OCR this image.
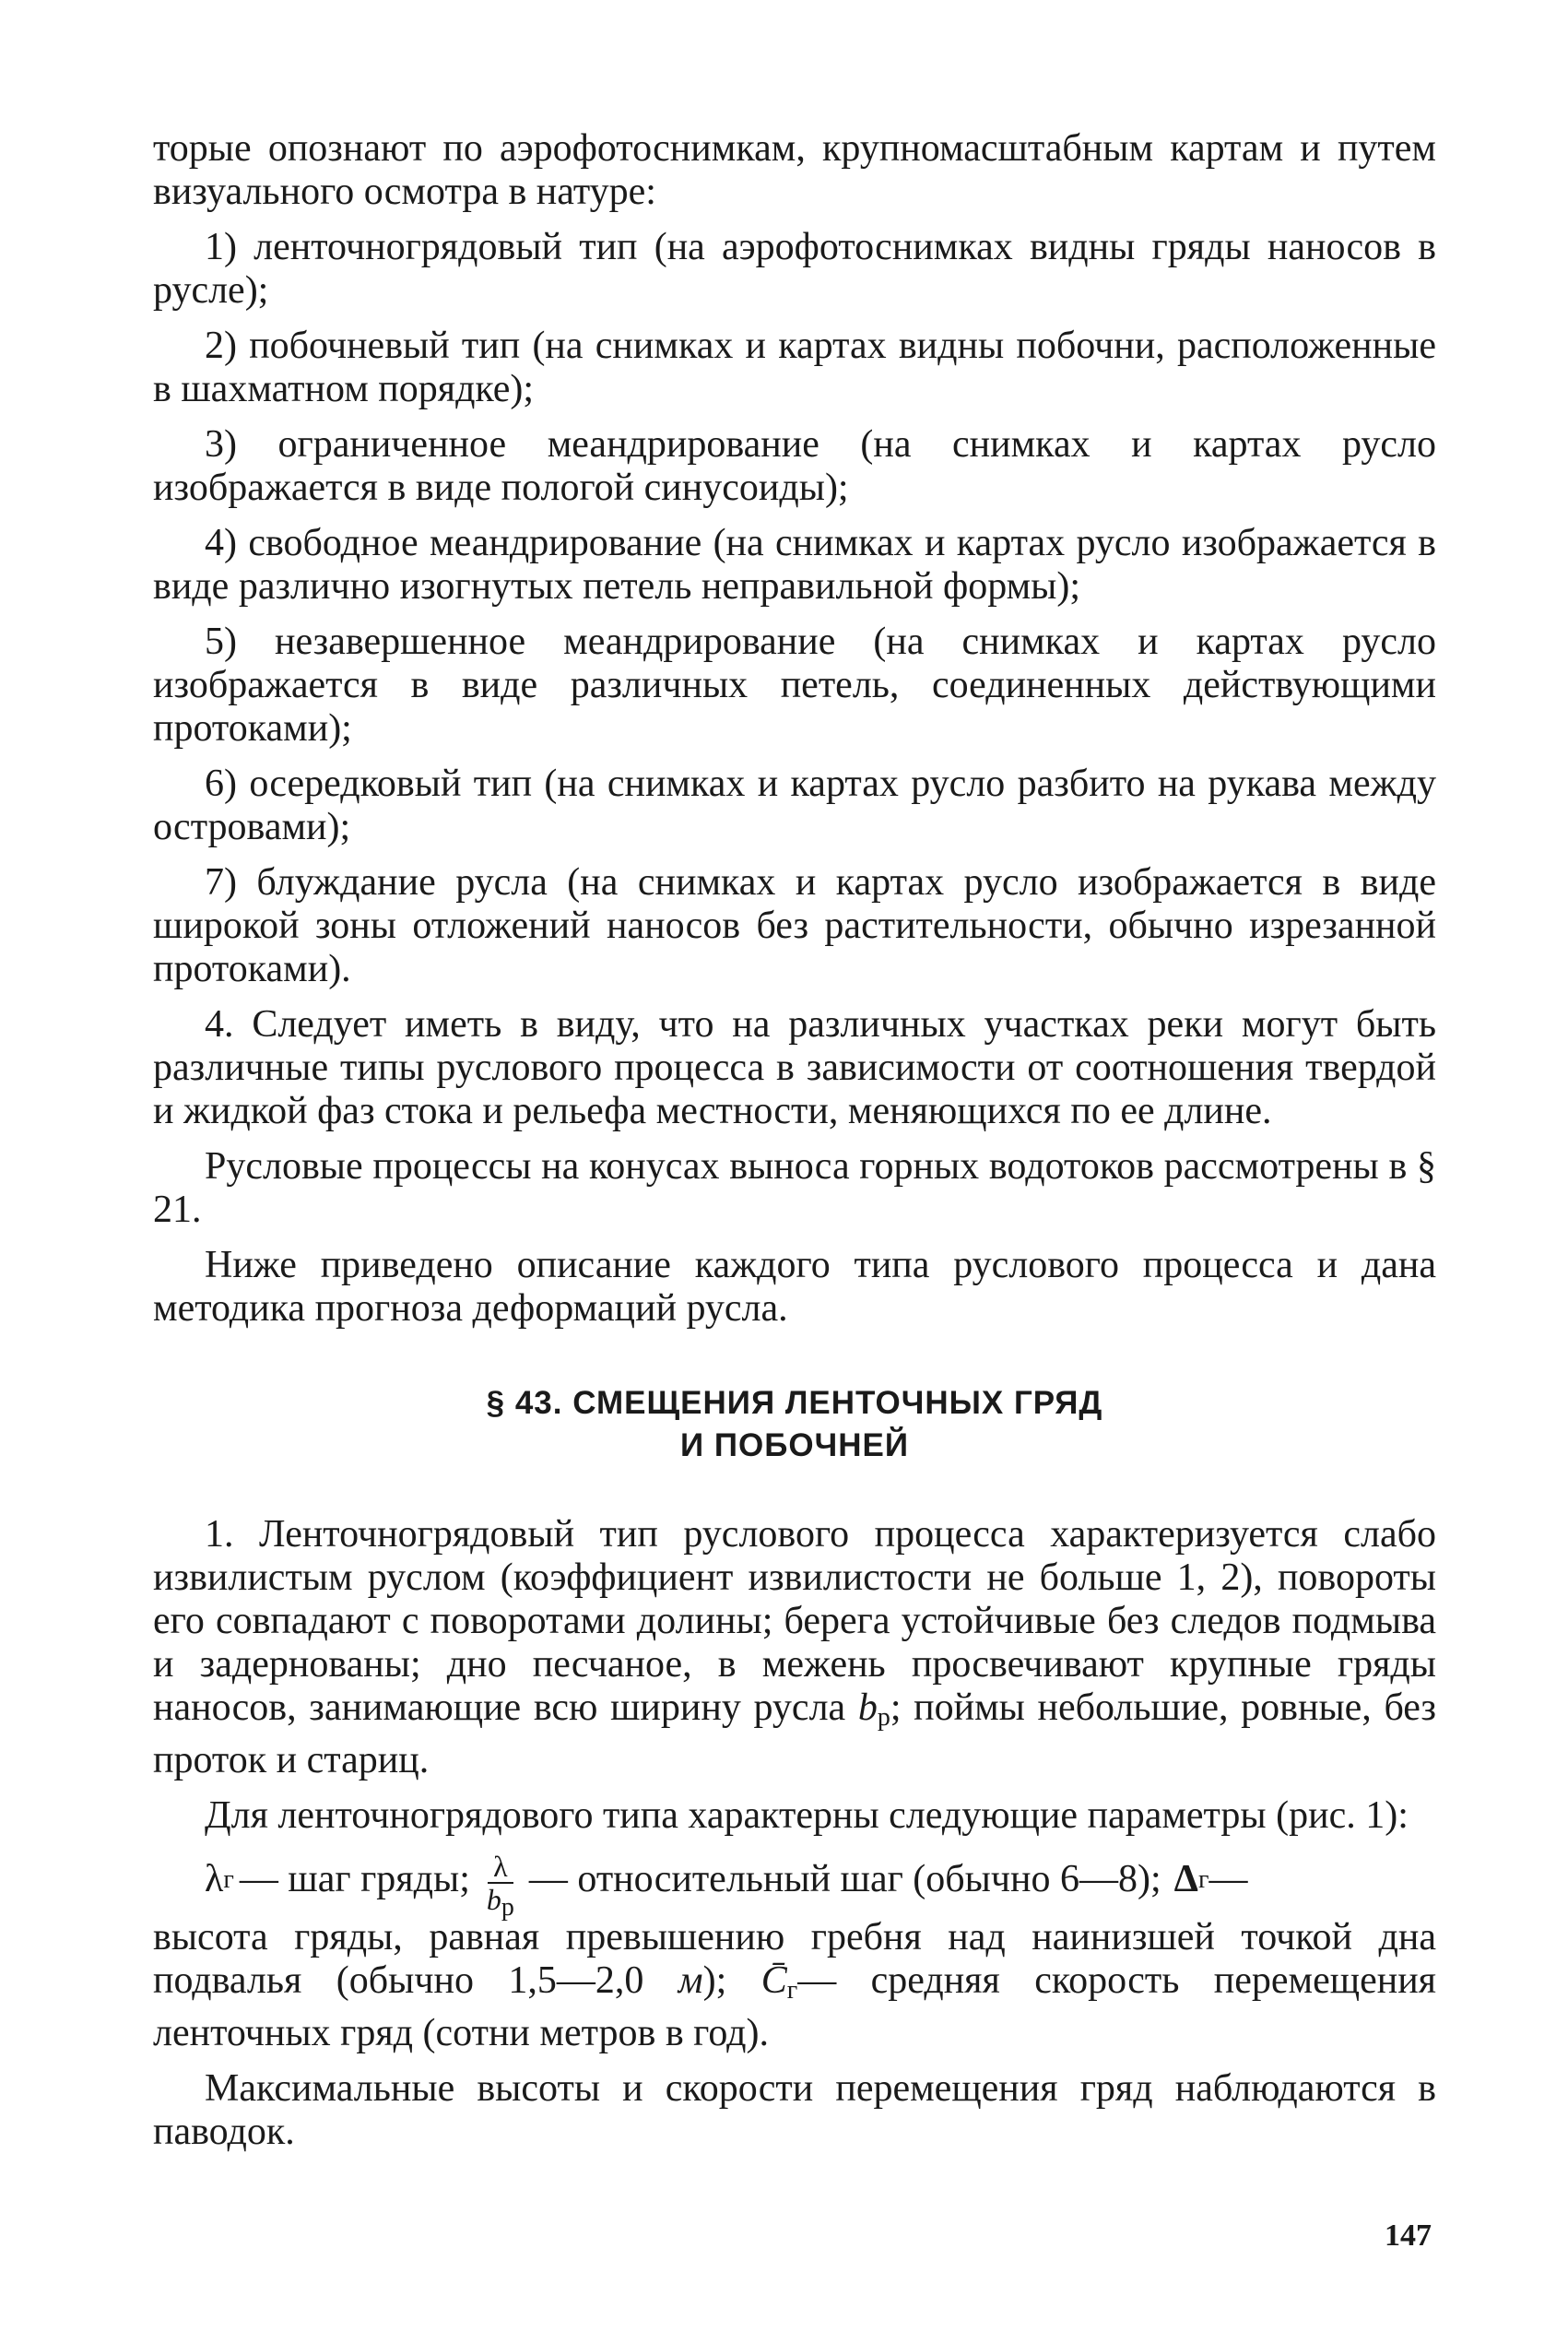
торые опознают по аэрофотоснимкам, крупномасштабным картам и путем визуального осмотра в натуре:

1) ленточногрядовый тип (на аэрофотоснимках видны гряды наносов в русле);

2) побочневый тип (на снимках и картах видны побочни, расположенные в шахматном порядке);

3) ограниченное меандрирование (на снимках и картах русло изображается в виде пологой синусоиды);

4) свободное меандрирование (на снимках и картах русло изображается в виде различно изогнутых петель неправильной формы);

5) незавершенное меандрирование (на снимках и картах русло изображается в виде различных петель, соединенных действующими протоками);

6) осередковый тип (на снимках и картах русло разбито на рукава между островами);

7) блуждание русла (на снимках и картах русло изображается в виде широкой зоны отложений наносов без растительности, обычно изрезанной протоками).

4. Следует иметь в виду, что на различных участках реки могут быть различные типы руслового процесса в зависимости от соотношения твердой и жидкой фаз стока и рельефа местности, меняющихся по ее длине.

Русловые процессы на конусах выноса горных водотоков рассмотрены в § 21.

Ниже приведено описание каждого типа руслового процесса и дана методика прогноза деформаций русла.

§ 43. СМЕЩЕНИЯ ЛЕНТОЧНЫХ ГРЯД
И ПОБОЧНЕЙ

1. Ленточногрядовый тип руслового процесса характеризуется слабо извилистым руслом (коэффициент извилистости не больше 1, 2), повороты его совпадают с поворотами долины; берега устойчивые без следов подмыва и задернованы; дно песчаное, в межень просвечивают крупные гряды наносов, занимающие всю ширину русла $b_р$; поймы небольшие, ровные, без проток и стариц.

Для ленточногрядового типа характерны следующие параметры (рис. 1):

λ г — шаг гряды; $\frac{\lambda}{bр}$ — относительный шаг (обычно 6—8); Δ г —

высота гряды, равная превышению гребня над наинизшей точкой дна подвалья (обычно 1,5—2,0 м); $C̄_г—$ средняя скорость перемещения ленточных гряд (сотни метров в год).

Максимальные высоты и скорости перемещения гряд наблюдаются в паводок.

147
